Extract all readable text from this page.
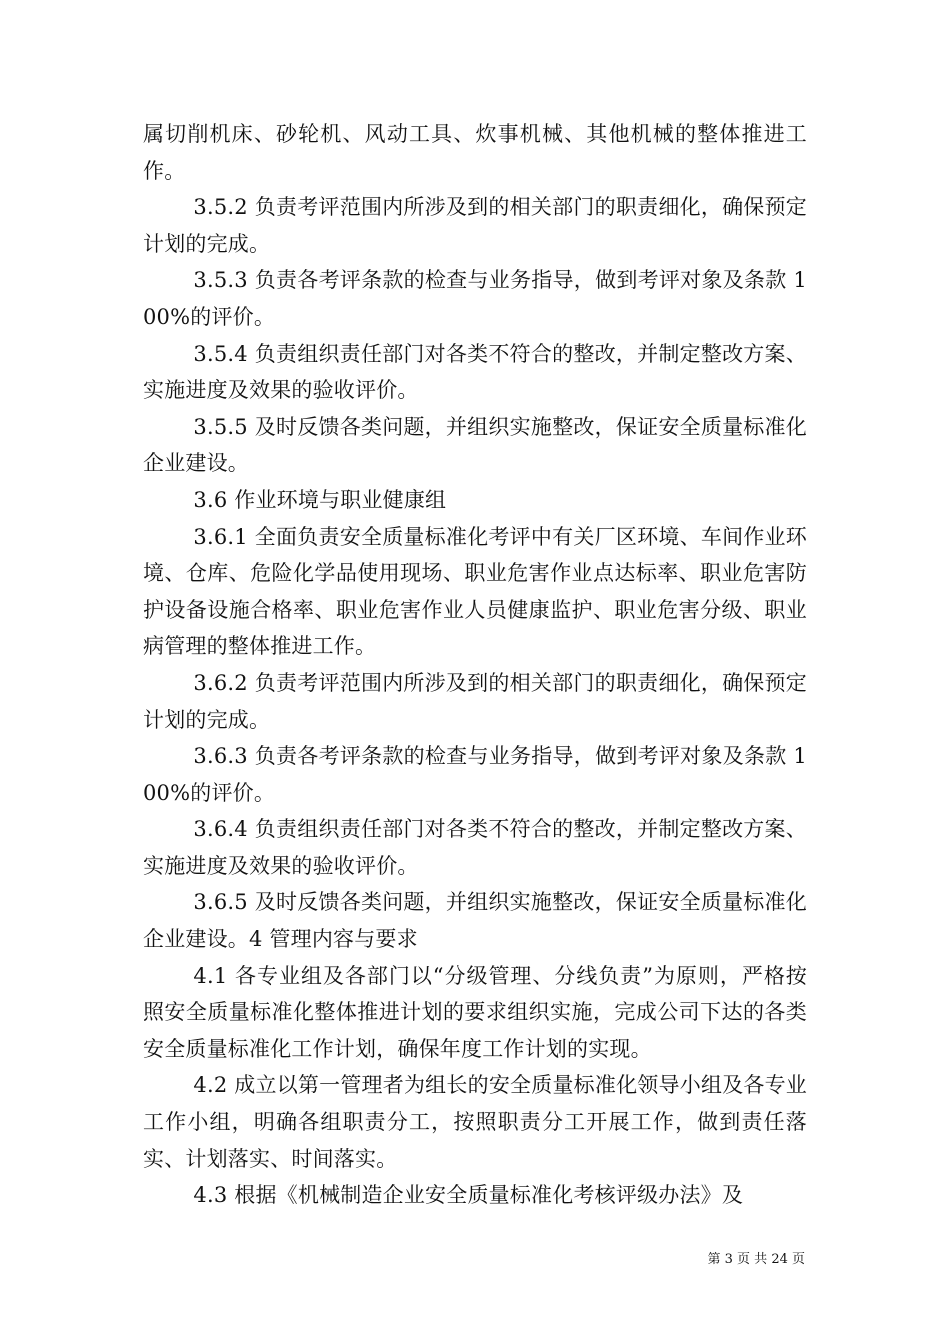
属切削机床、砂轮机、风动工具、炊事机械、其他机械的整体推进工作。

3.5.2 负责考评范围内所涉及到的相关部门的职责细化，确保预定计划的完成。

3.5.3 负责各考评条款的检查与业务指导，做到考评对象及条款 100%的评价。

3.5.4 负责组织责任部门对各类不符合的整改，并制定整改方案、实施进度及效果的验收评价。

3.5.5 及时反馈各类问题，并组织实施整改，保证安全质量标准化企业建设。

3.6 作业环境与职业健康组

3.6.1 全面负责安全质量标准化考评中有关厂区环境、车间作业环境、仓库、危险化学品使用现场、职业危害作业点达标率、职业危害防护设备设施合格率、职业危害作业人员健康监护、职业危害分级、职业病管理的整体推进工作。

3.6.2 负责考评范围内所涉及到的相关部门的职责细化，确保预定计划的完成。

3.6.3 负责各考评条款的检查与业务指导，做到考评对象及条款 100%的评价。

3.6.4 负责组织责任部门对各类不符合的整改，并制定整改方案、实施进度及效果的验收评价。

3.6.5 及时反馈各类问题，并组织实施整改，保证安全质量标准化企业建设。4 管理内容与要求

4.1 各专业组及各部门以“分级管理、分线负责”为原则，严格按照安全质量标准化整体推进计划的要求组织实施，完成公司下达的各类安全质量标准化工作计划，确保年度工作计划的实现。

4.2 成立以第一管理者为组长的安全质量标准化领导小组及各专业工作小组，明确各组职责分工，按照职责分工开展工作，做到责任落实、计划落实、时间落实。

4.3 根据《机械制造企业安全质量标准化考核评级办法》及

第 3 页 共 24 页
